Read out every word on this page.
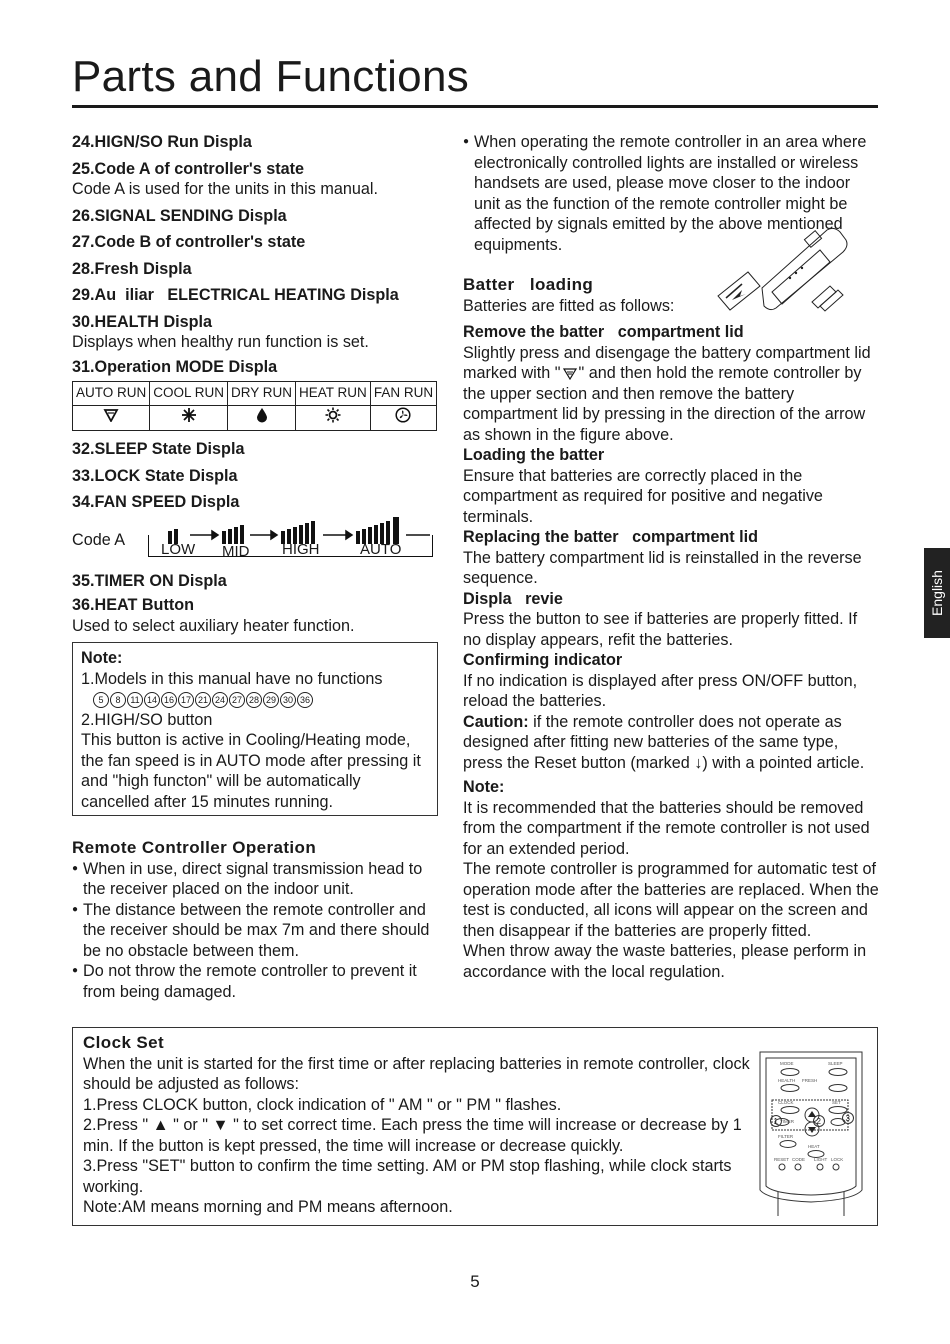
Parts and Functions
24.HIGN/SO Run Displa
25.Code A of controller's state
Code A is used for the units in this manual.
26.SIGNAL SENDING Displa
27.Code B of controller's state
28.Fresh Displa
29.Au  iliar   ELECTRICAL HEATING Displa
30.HEALTH Displa
Displays when healthy run function is set.
31.Operation MODE Displa
AUTO RUN	COOL RUN	DRY RUN	HEAT RUN	FAN RUN

32.SLEEP State Displa
33.LOCK State Displa
34.FAN SPEED Displa
Code A
LOW MID HIGH	AUTO
35.TIMER ON Displa
36.HEAT Button
Used to select auxiliary heater function.
Note:
1.Models in this manual have no functions
5 8 11 14 16 17 21 24 27 28 29 30 36
2.HIGH/SO button
This button is active in Cooling/Heating mode, the fan speed is in AUTO mode after pressing it and "high functon" will be automatically cancelled after 15 minutes running.
Remote Controller Operation
● When in use, direct signal transmission head to the receiver placed on the indoor unit.
● The distance between the remote controller and the receiver should be max 7m and there should be no obstacle between them.
● Do not throw the remote controller to prevent it from being damaged.
● When operating the remote controller in an area where electronically controlled lights are installed or wireless handsets are used, please move closer to the indoor unit as the function of the remote controller might be affected by signals emitted by the above mentioned equipments.
Batter   loading
Batteries are fitted as follows:
Remove the batter   compartment lid
Slightly press and disengage the battery compartment lid marked with " " and then hold the remote controller by the upper section and then remove the battery compartment lid by pressing in the direction of the arrow as shown in the figure above.
Loading the batter
Ensure that batteries are correctly placed in the compartment as required for positive and negative terminals.
Replacing the batter   compartment lid
The battery compartment lid is reinstalled in the reverse sequence.
Displa   revie
Press the button to see if batteries are properly fitted. If no display appears, refit the batteries.
Confirming indicator
If no indication is displayed after press ON/OFF button, reload the batteries.
Caution: if the remote controller does not operate as designed after fitting new batteries of the same type, press the Reset button (marked ↓) with a pointed article.
Note:
It is recommended that the batteries should be removed from the compartment if the remote controller is not used for an extended period.
The remote controller is programmed for automatic test of operation mode after the batteries are replaced. When the test is conducted, all icons will appear on the screen and then disappear if the batteries are properly fitted.
When throw away the waste batteries, please perform in accordance with the local regulation.
Clock Set
When the unit is started for the first time or after replacing batteries in remote controller, clock should be adjusted as follows:
1.Press CLOCK button, clock indication of " AM " or " PM " flashes.
2.Press " ▲ " or " ▼ " to set correct time. Each press the time will increase or decrease by 1 min. If the button is kept pressed, the time will increase or decrease quickly.
3.Press "SET" button to confirm the time setting. AM or PM stop flashing, while clock starts working.
Note:AM means morning and PM means afternoon.
MODE	SLEEP
HEALTH FRESH
CLOCK	SET
TIMER
FILTER
HEAT
RESET CODE LIGHT LOCK
1	2	3
English
5
